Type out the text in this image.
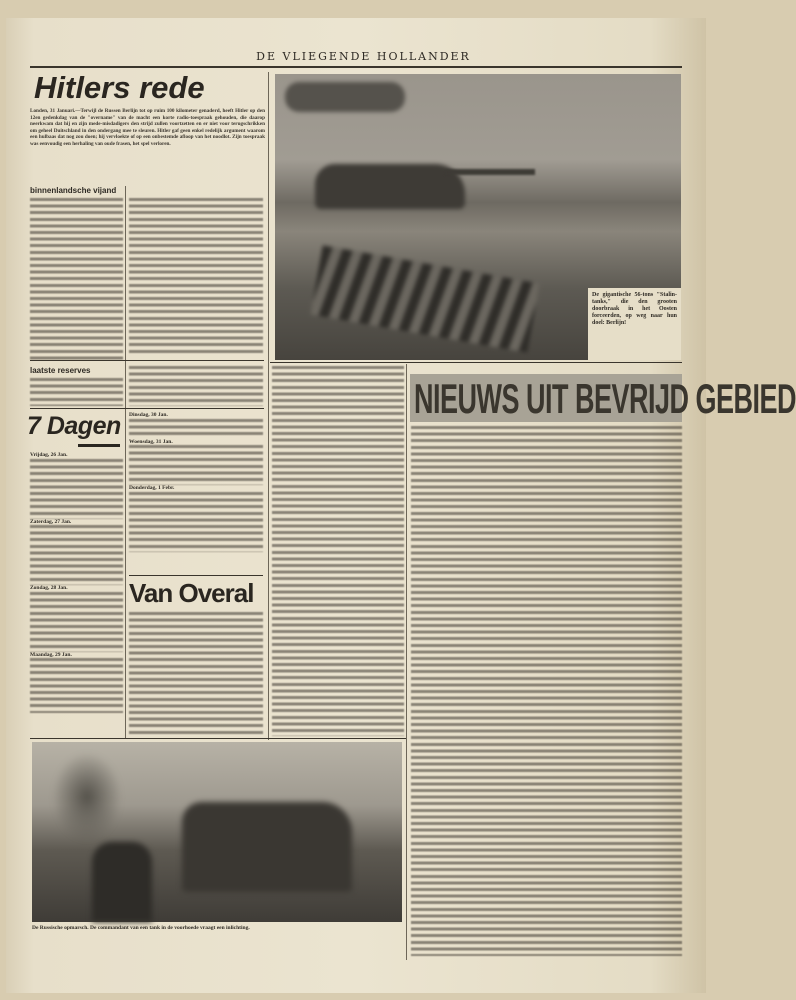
DE VLIEGENDE HOLLANDER
Hitlers rede
Londen, 31 Januari.—Terwijl de Russen Berlijn tot op ruim 100 kilometer genaderd, heeft Hitler op den 12en gedenkdag van de "overname" van de macht een korte radio-toespraak gehouden, die daarop neerkwam dat hij en zijn mede-misdadigers den strijd zullen voortzetten en er niet voor terugschrikken om geheel Duitschland in den ondergang mee te sleuren. Hitler gaf geen enkel redelijk argument waarom een hulbaas dat nog zou doen; hij vervloekte of op een onbestemde afloop van het noodlot. Zijn toespraak was eenvoudig een herhaling van oude frasen, het spel verloren.
binnenlandsche vijand
laatste reserves
7 Dagen
Vrijdag, 26 Jan.
Zaterdag, 27 Jan.
Zondag, 28 Jan.
Maandag, 29 Jan.
Dinsdag, 30 Jan.
Woensdag, 31 Jan.
Donderdag, 1 Febr.
Van Overal
De gigantische 56-tons "Stalin-tanks," die den grooten doorbraak in het Oosten forceerden, op weg naar hun doel: Berlijn!
NIEUWS UIT BEVRIJD GEBIED
De Russische opmarsch. De commandant van een tank in de voorhoede vraagt een inlichting.
